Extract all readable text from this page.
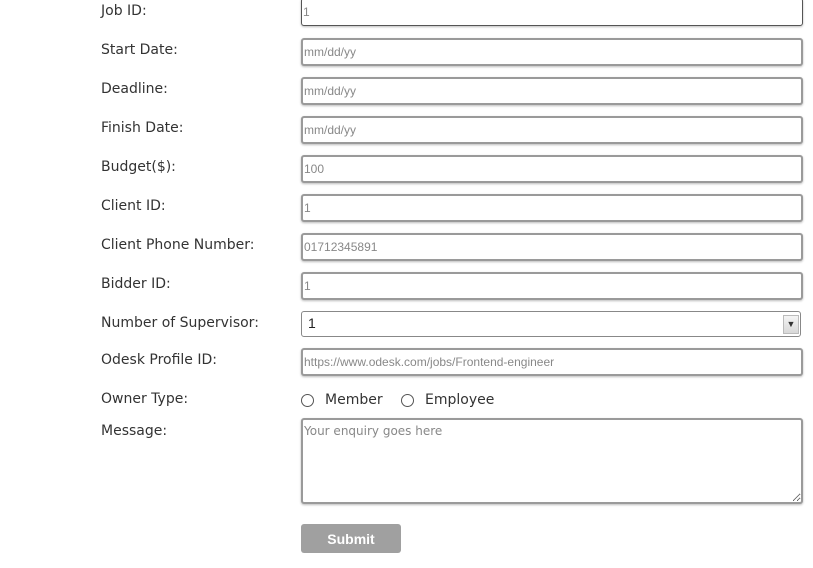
Job ID:
1
Start Date:
mm/dd/yy
Deadline:
mm/dd/yy
Finish Date:
mm/dd/yy
Budget($):
100
Client ID:
1
Client Phone Number:
01712345891
Bidder ID:
1
Number of Supervisor:	1	▼
Odesk Profile ID:
https://www.odesk.com/jobs/Frontend-engineer
Owner Type:	Member	Employee
Message:
Your enquiry goes here
Submit
